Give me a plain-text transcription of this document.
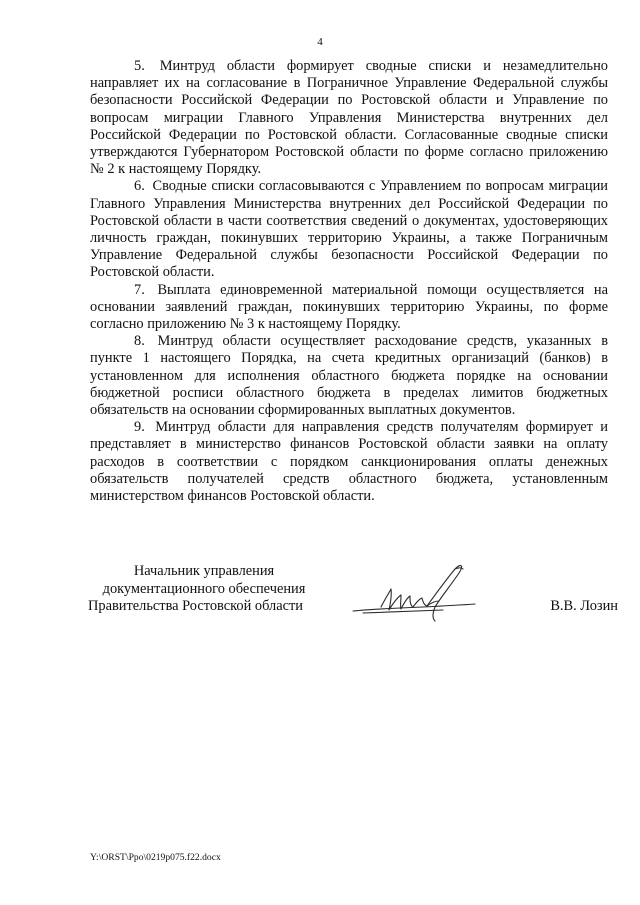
4

5. Минтруд области формирует сводные списки и незамедлительно направляет их на согласование в Пограничное Управление Федеральной службы безопасности Российской Федерации по Ростовской области и Управление по вопросам миграции Главного Управления Министерства внутренних дел Российской Федерации по Ростовской области. Согласованные сводные списки утверждаются Губернатором Ростовской области по форме согласно приложению № 2 к настоящему Порядку.

6. Сводные списки согласовываются с Управлением по вопросам миграции Главного Управления Министерства внутренних дел Российской Федерации по Ростовской области в части соответствия сведений о документах, удостоверяющих личность граждан, покинувших территорию Украины, а также Пограничным Управление Федеральной службы безопасности Российской Федерации по Ростовской области.

7. Выплата единовременной материальной помощи осуществляется на основании заявлений граждан, покинувших территорию Украины, по форме согласно приложению № 3 к настоящему Порядку.

8. Минтруд области осуществляет расходование средств, указанных в пункте 1 настоящего Порядка, на счета кредитных организаций (банков) в установленном для исполнения областного бюджета порядке на основании бюджетной росписи областного бюджета в пределах лимитов бюджетных обязательств на основании сформированных выплатных документов.

9. Минтруд области для направления средств получателям формирует и представляет в министерство финансов Ростовской области заявки на оплату расходов в соответствии с порядком санкционирования оплаты денежных обязательств получателей средств областного бюджета, установленным министерством финансов Ростовской области.

Начальник управления
документационного обеспечения
Правительства Ростовской области	В.В. Лозин
Y:\ORST\Ppo\0219p075.f22.docx
